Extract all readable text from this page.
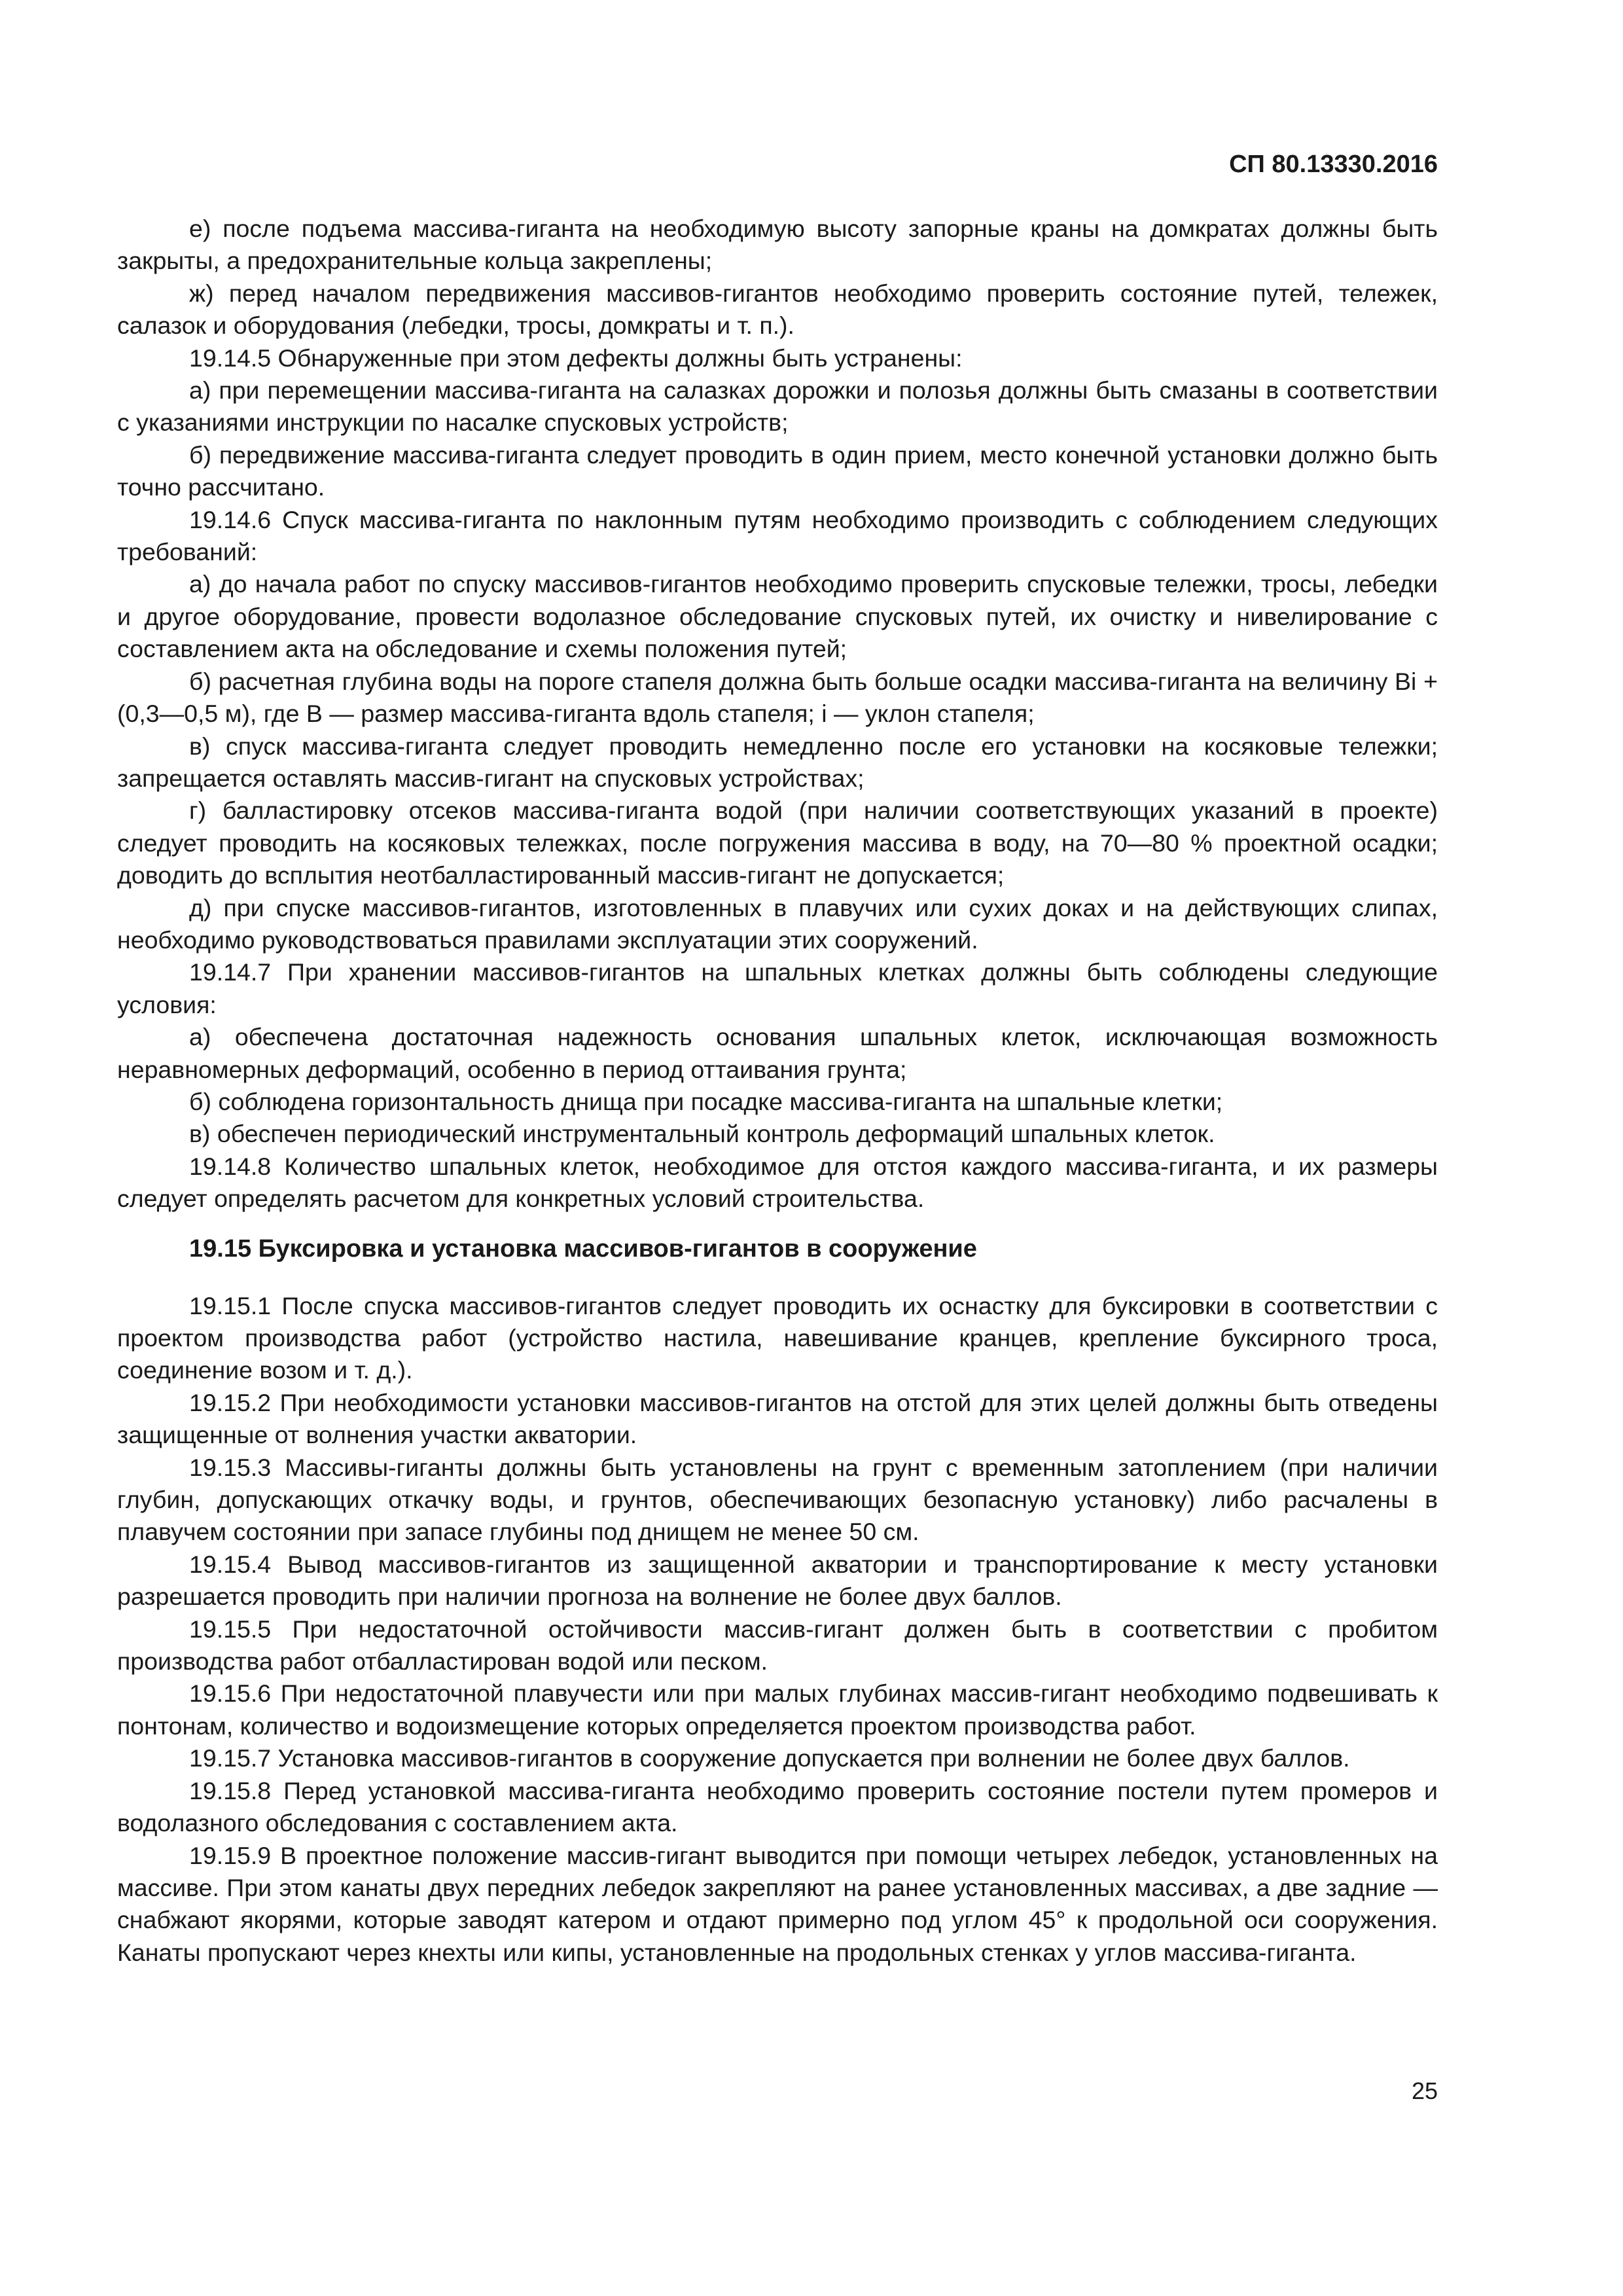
СП 80.13330.2016

е) после подъема массива-гиганта на необходимую высоту запорные краны на домкратах должны быть закрыты, а предохранительные кольца закреплены;

ж) перед началом передвижения массивов-гигантов необходимо проверить состояние путей, тележек, салазок и оборудования (лебедки, тросы, домкраты и т. п.).

19.14.5 Обнаруженные при этом дефекты должны быть устранены:

а) при перемещении массива-гиганта на салазках дорожки и полозья должны быть смазаны в соответствии с указаниями инструкции по насалке спусковых устройств;

б) передвижение массива-гиганта следует проводить в один прием, место конечной установки должно быть точно рассчитано.

19.14.6 Спуск массива-гиганта по наклонным путям необходимо производить с соблюдением следующих требований:

а) до начала работ по спуску массивов-гигантов необходимо проверить спусковые тележки, тросы, лебедки и другое оборудование, провести водолазное обследование спусковых путей, их очистку и нивелирование с составлением акта на обследование и схемы положения путей;

б) расчетная глубина воды на пороге стапеля должна быть больше осадки массива-гиганта на величину Bi + (0,3—0,5 м), где B — размер массива-гиганта вдоль стапеля; i — уклон стапеля;

в) спуск массива-гиганта следует проводить немедленно после его установки на косяковые тележки; запрещается оставлять массив-гигант на спусковых устройствах;

г) балластировку отсеков массива-гиганта водой (при наличии соответствующих указаний в проекте) следует проводить на косяковых тележках, после погружения массива в воду, на 70—80 % проектной осадки; доводить до всплытия неотбалластированный массив-гигант не допускается;

д) при спуске массивов-гигантов, изготовленных в плавучих или сухих доках и на действующих слипах, необходимо руководствоваться правилами эксплуатации этих сооружений.

19.14.7 При хранении массивов-гигантов на шпальных клетках должны быть соблюдены следующие условия:

а) обеспечена достаточная надежность основания шпальных клеток, исключающая возможность неравномерных деформаций, особенно в период оттаивания грунта;

б) соблюдена горизонтальность днища при посадке массива-гиганта на шпальные клетки;

в) обеспечен периодический инструментальный контроль деформаций шпальных клеток.

19.14.8 Количество шпальных клеток, необходимое для отстоя каждого массива-гиганта, и их размеры следует определять расчетом для конкретных условий строительства.

19.15 Буксировка и установка массивов-гигантов в сооружение

19.15.1 После спуска массивов-гигантов следует проводить их оснастку для буксировки в соответствии с проектом производства работ (устройство настила, навешивание кранцев, крепление буксирного троса, соединение возом и т. д.).

19.15.2 При необходимости установки массивов-гигантов на отстой для этих целей должны быть отведены защищенные от волнения участки акватории.

19.15.3 Массивы-гиганты должны быть установлены на грунт с временным затоплением (при наличии глубин, допускающих откачку воды, и грунтов, обеспечивающих безопасную установку) либо расчалены в плавучем состоянии при запасе глубины под днищем не менее 50 см.

19.15.4 Вывод массивов-гигантов из защищенной акватории и транспортирование к месту установки разрешается проводить при наличии прогноза на волнение не более двух баллов.

19.15.5 При недостаточной остойчивости массив-гигант должен быть в соответствии с пробитом производства работ отбалластирован водой или песком.

19.15.6 При недостаточной плавучести или при малых глубинах массив-гигант необходимо подвешивать к понтонам, количество и водоизмещение которых определяется проектом производства работ.

19.15.7 Установка массивов-гигантов в сооружение допускается при волнении не более двух баллов.

19.15.8 Перед установкой массива-гиганта необходимо проверить состояние постели путем промеров и водолазного обследования с составлением акта.

19.15.9 В проектное положение массив-гигант выводится при помощи четырех лебедок, установленных на массиве. При этом канаты двух передних лебедок закрепляют на ранее установленных массивах, а две задние — снабжают якорями, которые заводят катером и отдают примерно под углом 45° к продольной оси сооружения. Канаты пропускают через кнехты или кипы, установленные на продольных стенках у углов массива-гиганта.

25
